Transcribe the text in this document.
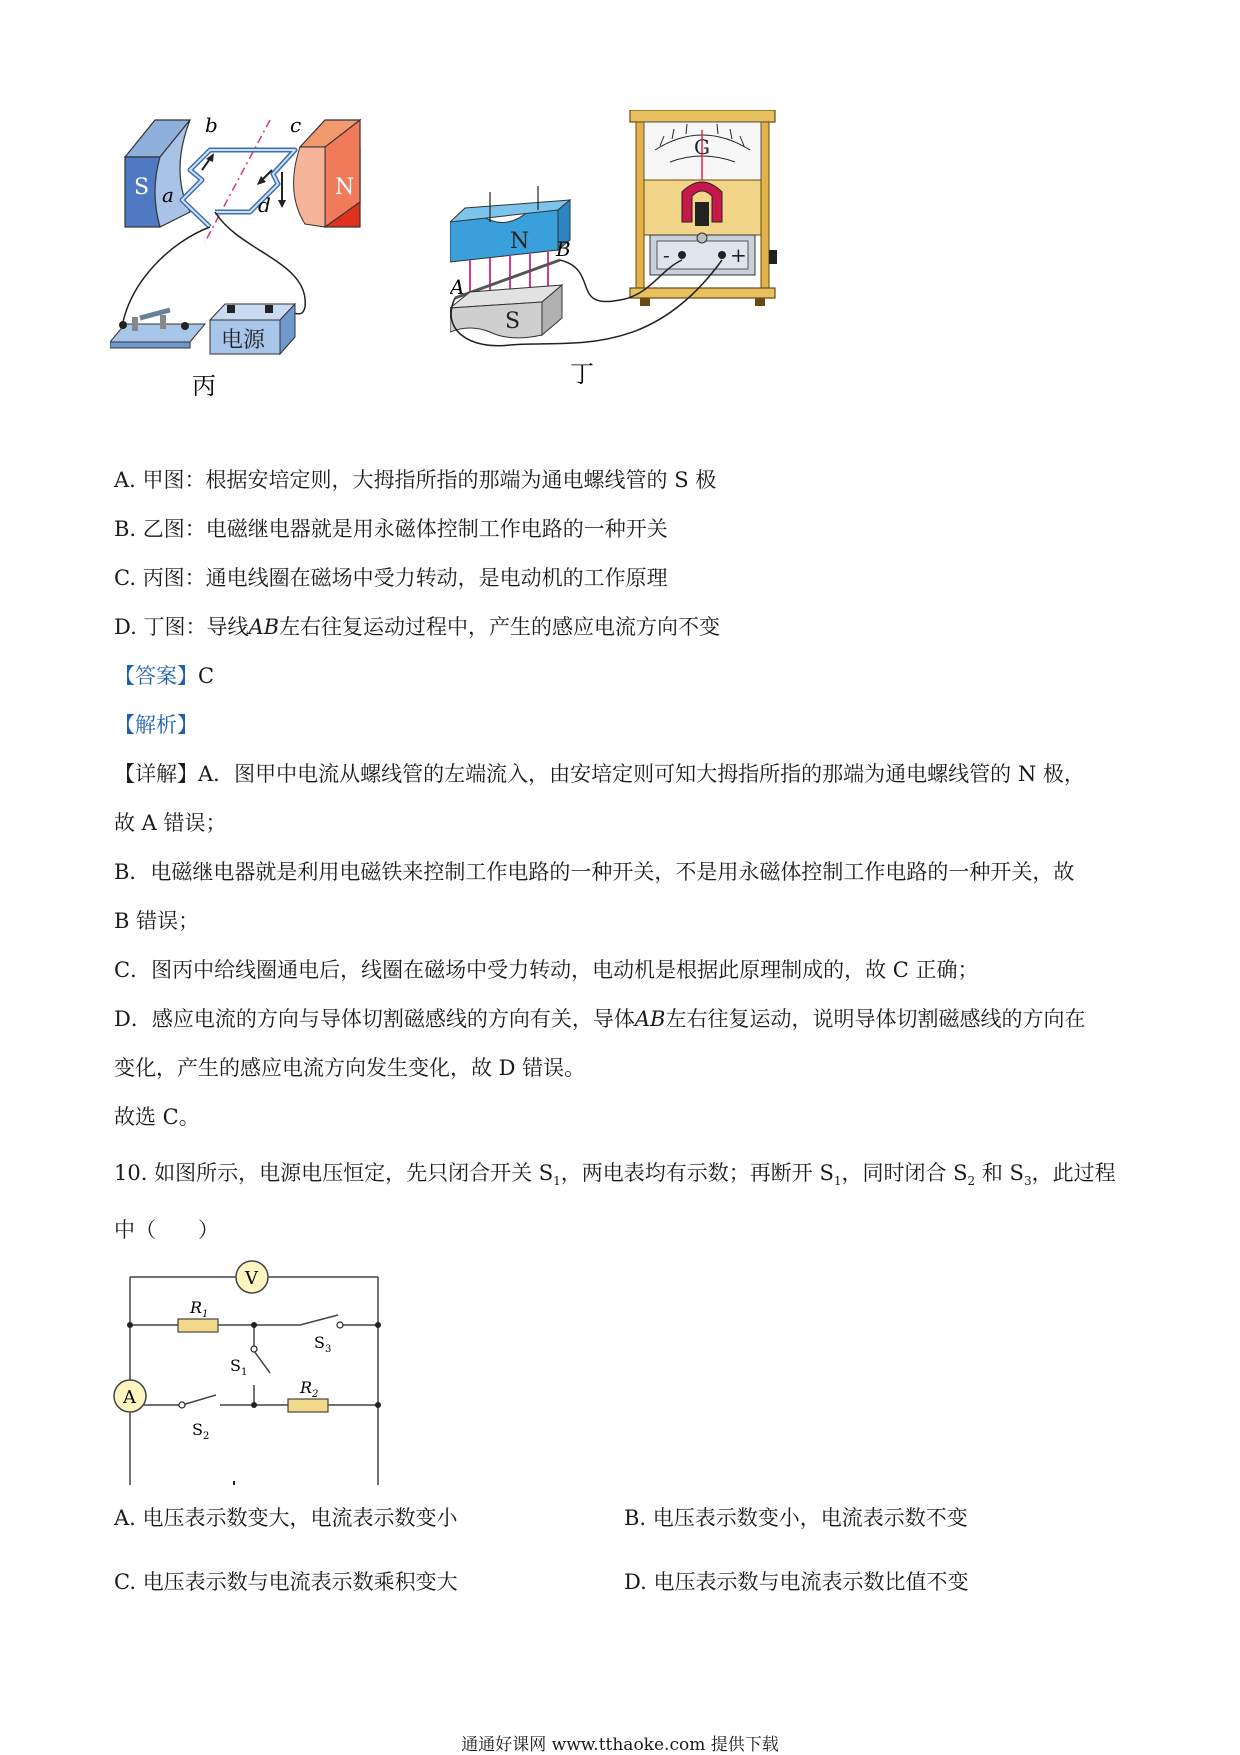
S	N
a
b	c
d
电源
丙
G
-	+
N
A
B
S
丁
A. 甲图：根据安培定则，大拇指所指的那端为通电螺线管的 S 极
B. 乙图：电磁继电器就是用永磁体控制工作电路的一种开关
C. 丙图：通电线圈在磁场中受力转动，是电动机的工作原理
D. 丁图：导线AB左右往复运动过程中，产生的感应电流方向不变
【答案】C
【解析】
【详解】A．图甲中电流从螺线管的左端流入，由安培定则可知大拇指所指的那端为通电螺线管的 N 极，
故 A 错误；
B．电磁继电器就是利用电磁铁来控制工作电路的一种开关，不是用永磁体控制工作电路的一种开关，故
B 错误；
C．图丙中给线圈通电后，线圈在磁场中受力转动，电动机是根据此原理制成的，故 C 正确；
D．感应电流的方向与导体切割磁感线的方向有关，导体AB左右往复运动，说明导体切割磁感线的方向在
变化，产生的感应电流方向发生变化，故 D 错误。
故选 C。
10. 如图所示，电源电压恒定，先只闭合开关 $S_1$，两电表均有示数；再断开 $S_1$，同时闭合 $S_2$ 和 $S_3$，此过程
中（　　）
V
A
$R_1$
$R_2$
$S_1$
$S_3$
$S_2$
A. 电压表示数变大，电流表示数变小	B. 电压表示数变小，电流表示数不变
C. 电压表示数与电流表示数乘积变大	D. 电压表示数与电流表示数比值不变
通通好课网 www.tthaoke.com 提供下载
